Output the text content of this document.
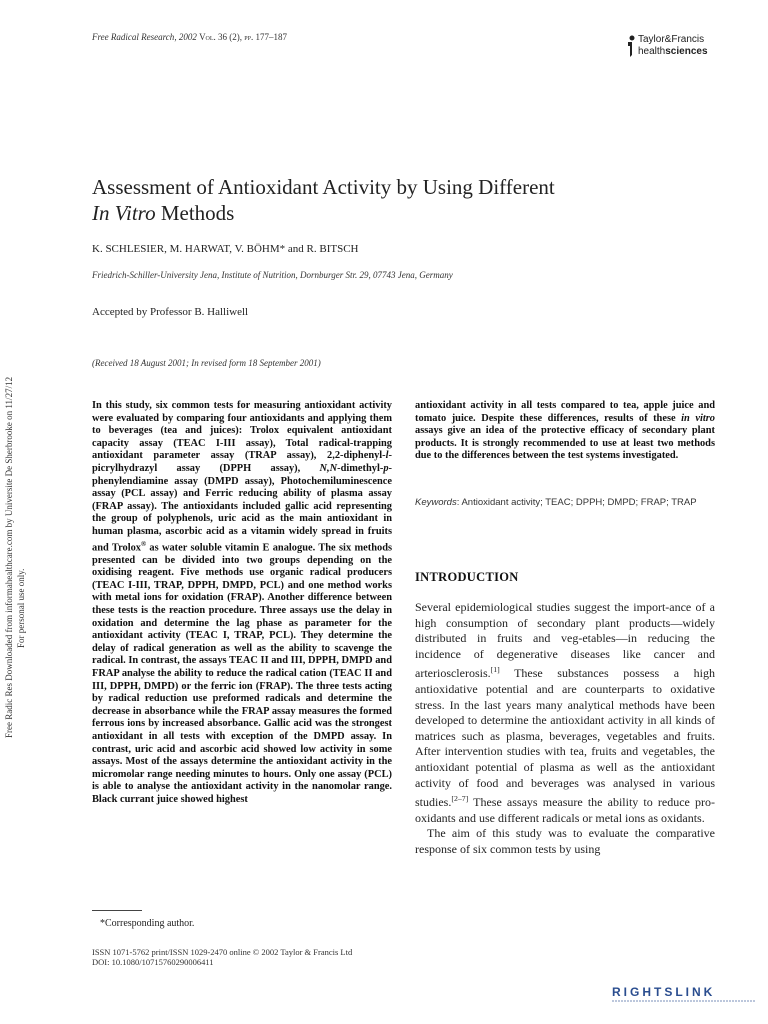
Free Radical Research, 2002 Vol. 36 (2), pp. 177–187	Taylor&Francis
healthsciences
Free Radic Res Downloaded from informahealthcare.com by Universite De Sherbrooke on 11/27/12 For personal use only.
Assessment of Antioxidant Activity by Using Different
In Vitro Methods
K. SCHLESIER, M. HARWAT, V. BÖHM* and R. BITSCH
Friedrich-Schiller-University Jena, Institute of Nutrition, Dornburger Str. 29, 07743 Jena, Germany
Accepted by Professor B. Halliwell
(Received 18 August 2001; In revised form 18 September 2001)
In this study, six common tests for measuring antioxidant activity were evaluated by comparing four antioxidants and applying them to beverages (tea and juices): Trolox equivalent antioxidant capacity assay (TEAC I-III assay), Total radical-trapping antioxidant parameter assay (TRAP assay), 2,2-diphenyl-l-picrylhydrazyl assay (DPPH assay), N,N-dimethyl-p-phenylendiamine assay (DMPD assay), Photochemiluminescence assay (PCL assay) and Ferric reducing ability of plasma assay (FRAP assay). The antioxidants included gallic acid representing the group of polyphenols, uric acid as the main antioxidant in human plasma, ascorbic acid as a vitamin widely spread in fruits and Trolox® as water soluble vitamin E analogue. The six methods presented can be divided into two groups depending on the oxidising reagent. Five methods use organic radical producers (TEAC I-III, TRAP, DPPH, DMPD, PCL) and one method works with metal ions for oxidation (FRAP). Another difference between these tests is the reaction procedure. Three assays use the delay in oxidation and determine the lag phase as parameter for the antioxidant activity (TEAC I, TRAP, PCL). They determine the delay of radical generation as well as the ability to scavenge the radical. In contrast, the assays TEAC II and III, DPPH, DMPD and FRAP analyse the ability to reduce the radical cation (TEAC II and III, DPPH, DMPD) or the ferric ion (FRAP). The three tests acting by radical reduction use preformed radicals and determine the decrease in absorbance while the FRAP assay measures the formed ferrous ions by increased absorbance. Gallic acid was the strongest antioxidant in all tests with exception of the DMPD assay. In contrast, uric acid and ascorbic acid showed low activity in some assays. Most of the assays determine the antioxidant activity in the micromolar range needing minutes to hours. Only one assay (PCL) is able to analyse the antioxidant activity in the nanomolar range. Black currant juice showed highest
antioxidant activity in all tests compared to tea, apple juice and tomato juice. Despite these differences, results of these in vitro assays give an idea of the protective efficacy of secondary plant products. It is strongly recommended to use at least two methods due to the differences between the test systems investigated.
Keywords: Antioxidant activity; TEAC; DPPH; DMPD; FRAP; TRAP
INTRODUCTION

Several epidemiological studies suggest the import-ance of a high consumption of secondary plant products—widely distributed in fruits and veg-etables—in reducing the incidence of degenerative diseases like cancer and arteriosclerosis.[1] These substances possess a high antioxidative potential and are counterparts to oxidative stress. In the last years many analytical methods have been developed to determine the antioxidant activity in all kinds of matrices such as plasma, beverages, vegetables and fruits. After intervention studies with tea, fruits and vegetables, the antioxidant potential of plasma as well as the antioxidant activity of food and beverages was analysed in various studies.[2–7] These assays measure the ability to reduce pro-oxidants and use different radicals or metal ions as oxidants.

The aim of this study was to evaluate the comparative response of six common tests by using

*Corresponding author.
ISSN 1071-5762 print/ISSN 1029-2470 online © 2002 Taylor & Francis Ltd
DOI: 10.1080/10715760290006411
RIGHTSLINK
